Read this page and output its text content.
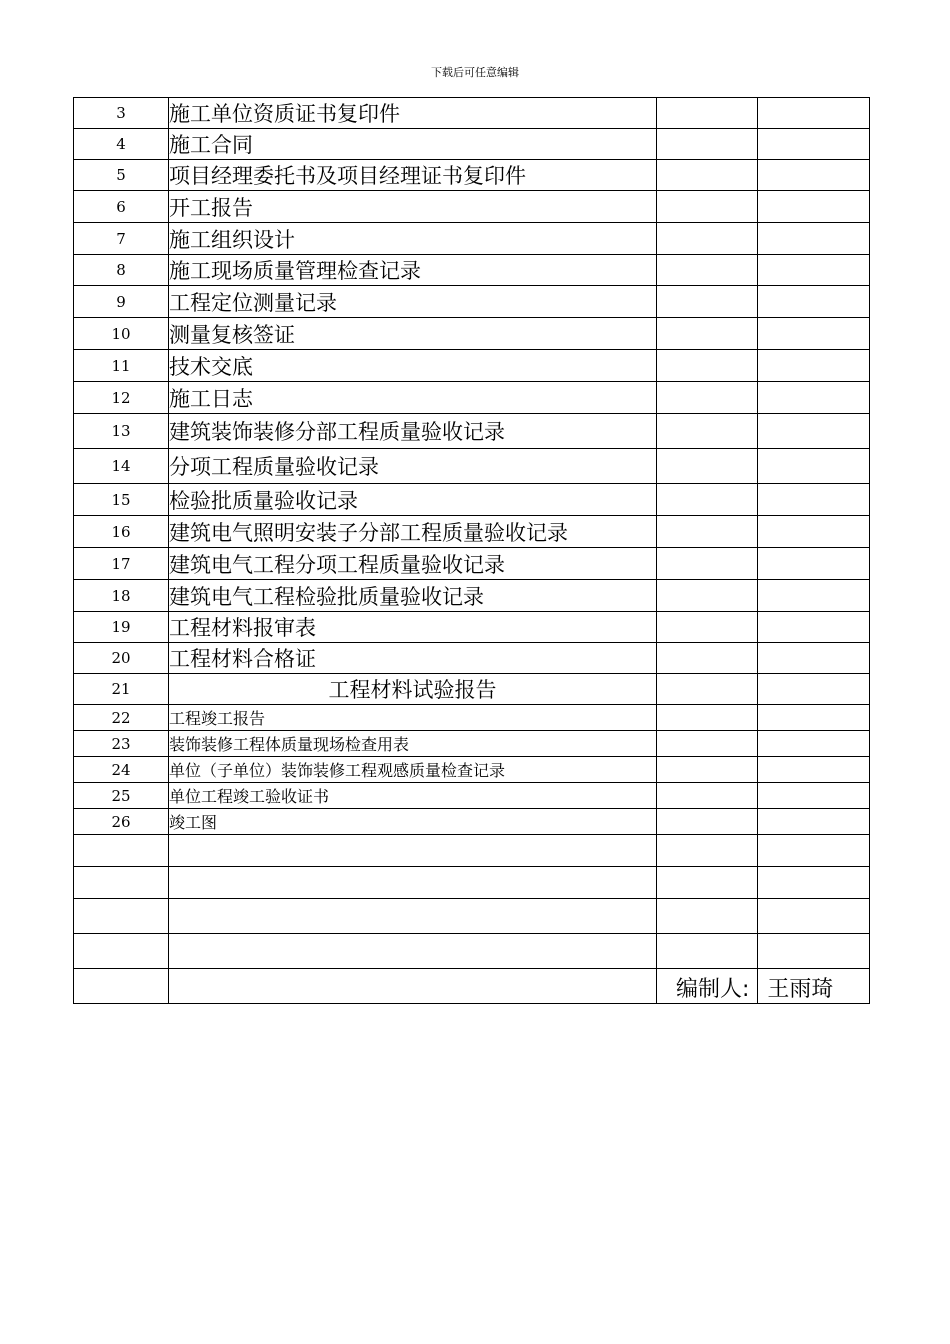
下载后可任意编辑
3	施工单位资质证书复印件		
4	施工合同		
5	项目经理委托书及项目经理证书复印件		
6	开工报告		
7	施工组织设计		
8	施工现场质量管理检查记录		
9	工程定位测量记录		
10	测量复核签证		
11	技术交底		
12	施工日志		
13	建筑装饰装修分部工程质量验收记录		
14	分项工程质量验收记录		
15	检验批质量验收记录		
16	建筑电气照明安装子分部工程质量验收记录		
17	建筑电气工程分项工程质量验收记录		
18	建筑电气工程检验批质量验收记录		
19	工程材料报审表		
20	工程材料合格证		
21	工程材料试验报告		
22	工程竣工报告		
23	装饰装修工程体质量现场检查用表		
24	单位（子单位）装饰装修工程观感质量检查记录		
25	单位工程竣工验收证书		
26	竣工图		

编制人: 王雨琦
